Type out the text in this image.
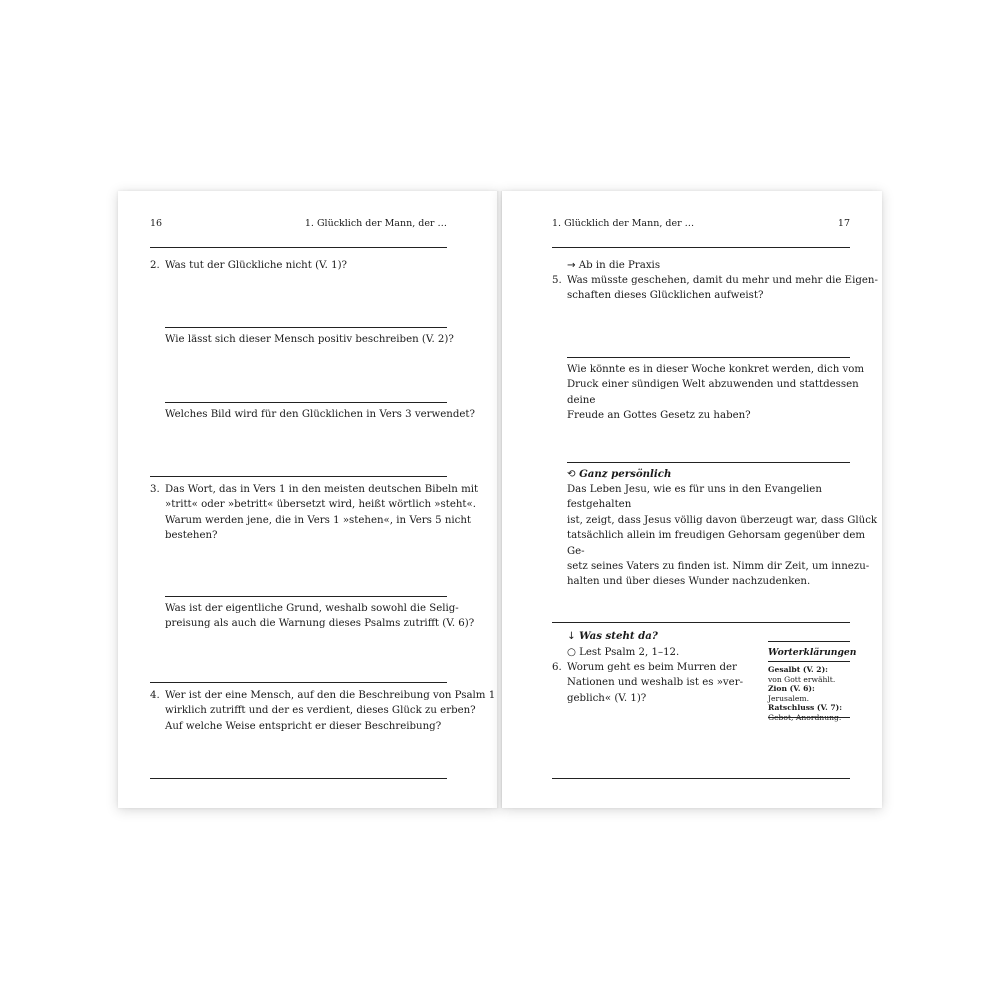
16	1. Glücklich der Mann, der …
2. Was tut der Glückliche nicht (V. 1)?
Wie lässt sich dieser Mensch positiv beschreiben (V. 2)?
Welches Bild wird für den Glücklichen in Vers 3 verwendet?
3. Das Wort, das in Vers 1 in den meisten deutschen Bibeln mit
»tritt« oder »betritt« übersetzt wird, heißt wörtlich »steht«.
Warum werden jene, die in Vers 1 »stehen«, in Vers 5 nicht
bestehen?
Was ist der eigentliche Grund, weshalb sowohl die Selig-
preisung als auch die Warnung dieses Psalms zutrifft (V. 6)?
4. Wer ist der eine Mensch, auf den die Beschreibung von Psalm 1
wirklich zutrifft und der es verdient, dieses Glück zu erben?
Auf welche Weise entspricht er dieser Beschreibung?
1. Glücklich der Mann, der …	17
→ Ab in die Praxis
5. Was müsste geschehen, damit du mehr und mehr die Eigen-
schaften dieses Glücklichen aufweist?
Wie könnte es in dieser Woche konkret werden, dich vom
Druck einer sündigen Welt abzuwenden und stattdessen deine
Freude an Gottes Gesetz zu haben?
⟲ Ganz persönlich
Das Leben Jesu, wie es für uns in den Evangelien festgehalten
ist, zeigt, dass Jesus völlig davon überzeugt war, dass Glück
tatsächlich allein im freudigen Gehorsam gegenüber dem Ge-
setz seines Vaters zu finden ist. Nimm dir Zeit, um innezu-
halten und über dieses Wunder nachzudenken.
↓ Was steht da?
○ Lest Psalm 2, 1–12.
6. Worum geht es beim Murren der
Nationen und weshalb ist es »ver-
geblich« (V. 1)?
Worterklärungen
Gesalbt (V. 2):
von Gott erwählt.
Zion (V. 6): Jerusalem.
Ratschluss (V. 7):
Gebot, Anordnung.
